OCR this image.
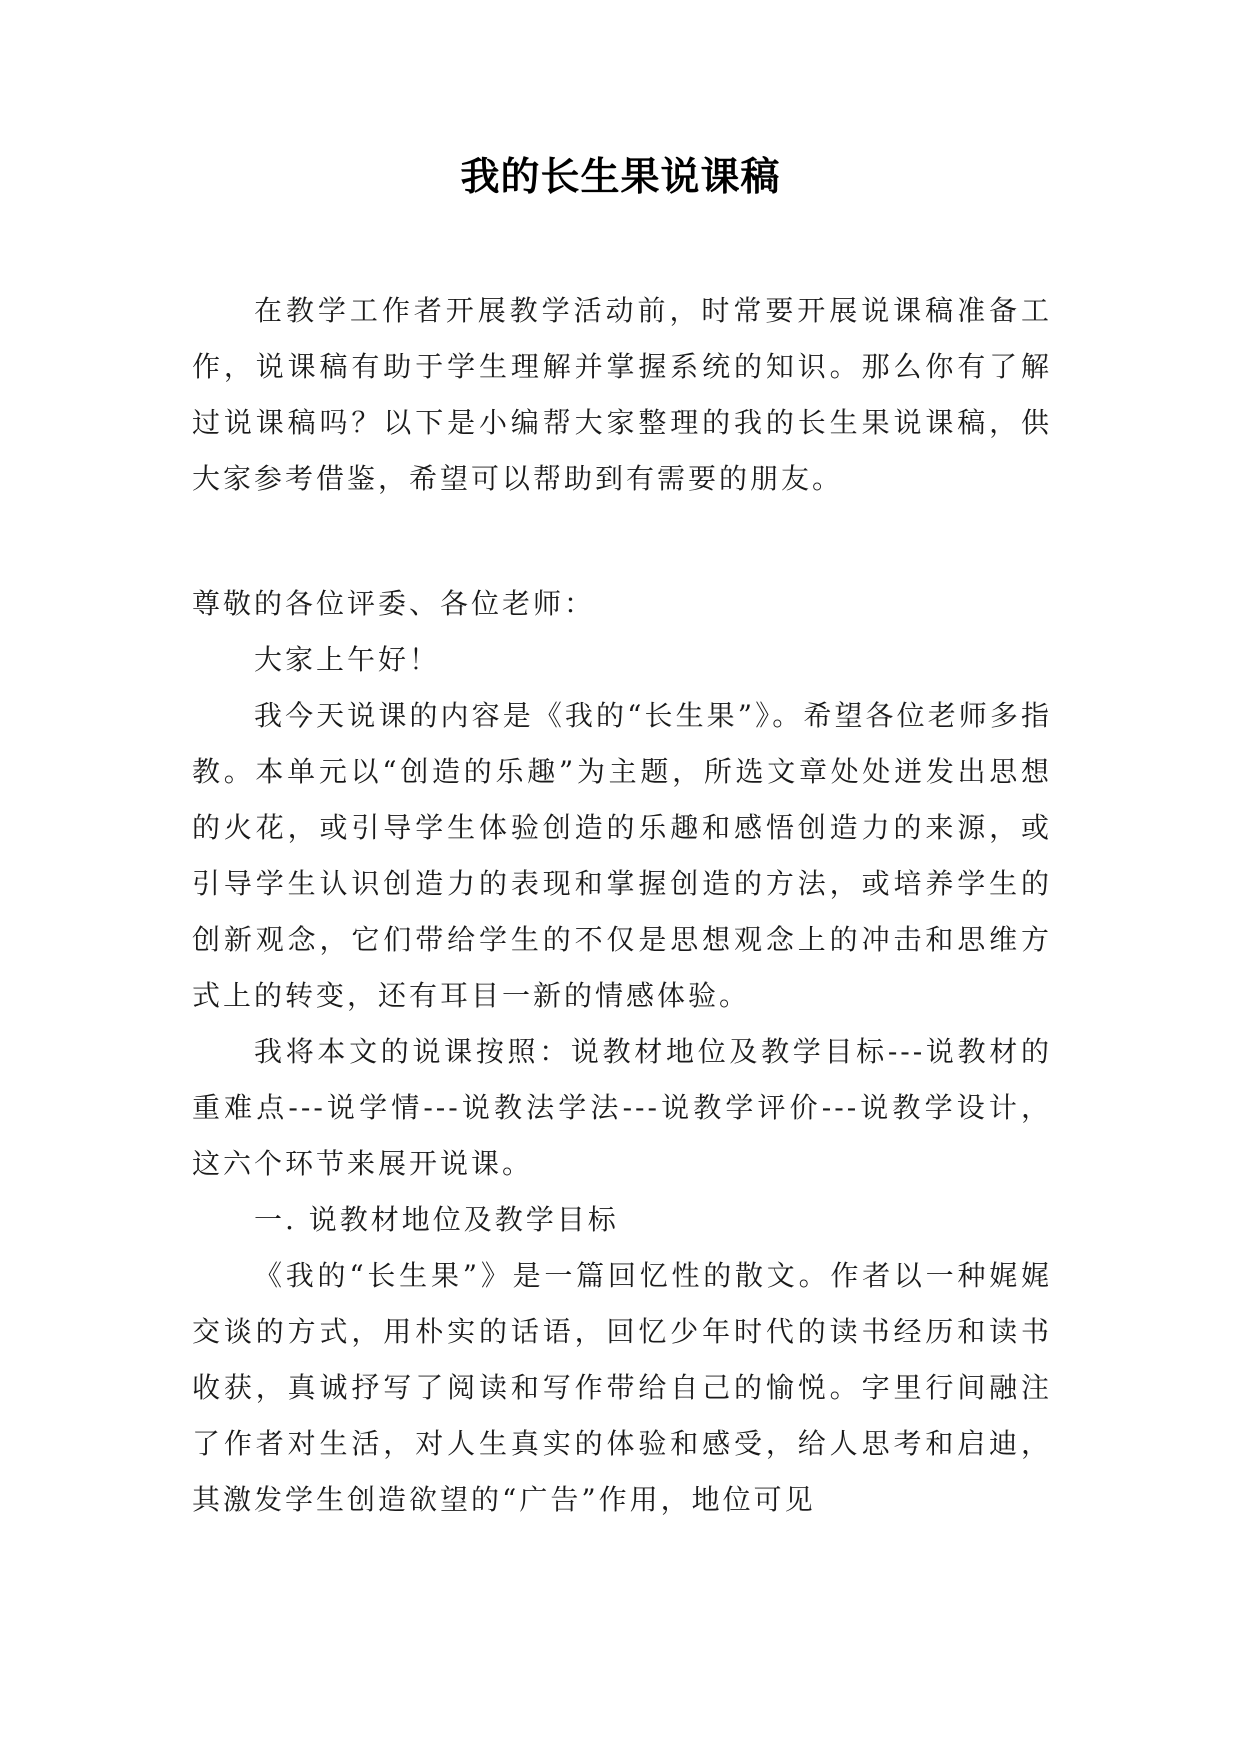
我的长生果说课稿

在教学工作者开展教学活动前，时常要开展说课稿准备工作，说课稿有助于学生理解并掌握系统的知识。那么你有了解过说课稿吗？以下是小编帮大家整理的我的长生果说课稿，供大家参考借鉴，希望可以帮助到有需要的朋友。

尊敬的各位评委、各位老师：

大家上午好！

我今天说课的内容是《我的“长生果”》。希望各位老师多指教。本单元以“创造的乐趣”为主题，所选文章处处迸发出思想的火花，或引导学生体验创造的乐趣和感悟创造力的来源，或引导学生认识创造力的表现和掌握创造的方法，或培养学生的创新观念，它们带给学生的不仅是思想观念上的冲击和思维方式上的转变，还有耳目一新的情感体验。

我将本文的说课按照：说教材地位及教学目标---说教材的重难点---说学情---说教法学法---说教学评价---说教学设计，这六个环节来展开说课。

一. 说教材地位及教学目标

《我的“长生果”》是一篇回忆性的散文。作者以一种娓娓交谈的方式，用朴实的话语，回忆少年时代的读书经历和读书收获，真诚抒写了阅读和写作带给自己的愉悦。字里行间融注了作者对生活，对人生真实的体验和感受，给人思考和启迪，其激发学生创造欲望的“广告”作用，地位可见
